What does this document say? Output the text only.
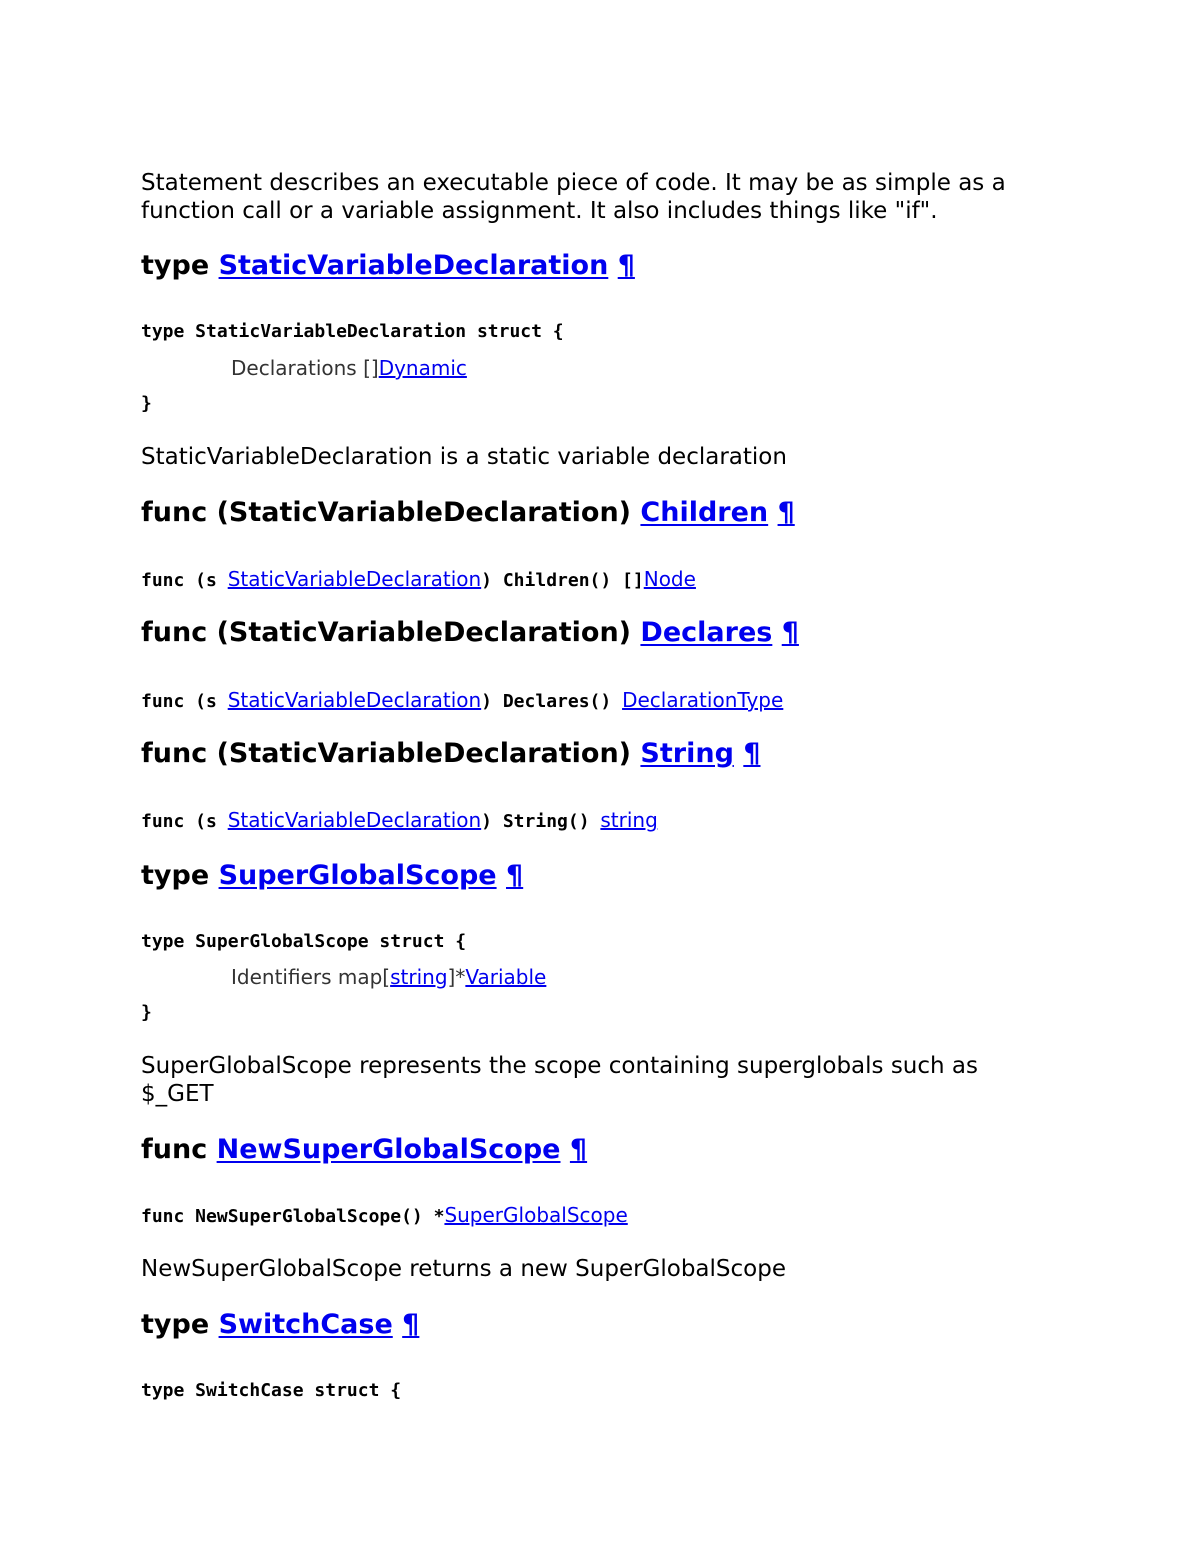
Statement describes an executable piece of code. It may be as simple as a function call or a variable assignment. It also includes things like "if".

type StaticVariableDeclaration ¶
type StaticVariableDeclaration struct {
Declarations []Dynamic
}

StaticVariableDeclaration is a static variable declaration

func (StaticVariableDeclaration) Children ¶
func (s StaticVariableDeclaration) Children() []Node
func (StaticVariableDeclaration) Declares ¶
func (s StaticVariableDeclaration) Declares() DeclarationType
func (StaticVariableDeclaration) String ¶
func (s StaticVariableDeclaration) String() string
type SuperGlobalScope ¶
type SuperGlobalScope struct {
Identifiers map[string]*Variable
}

SuperGlobalScope represents the scope containing superglobals such as $_GET

func NewSuperGlobalScope ¶
func NewSuperGlobalScope() *SuperGlobalScope

NewSuperGlobalScope returns a new SuperGlobalScope

type SwitchCase ¶
type SwitchCase struct {
